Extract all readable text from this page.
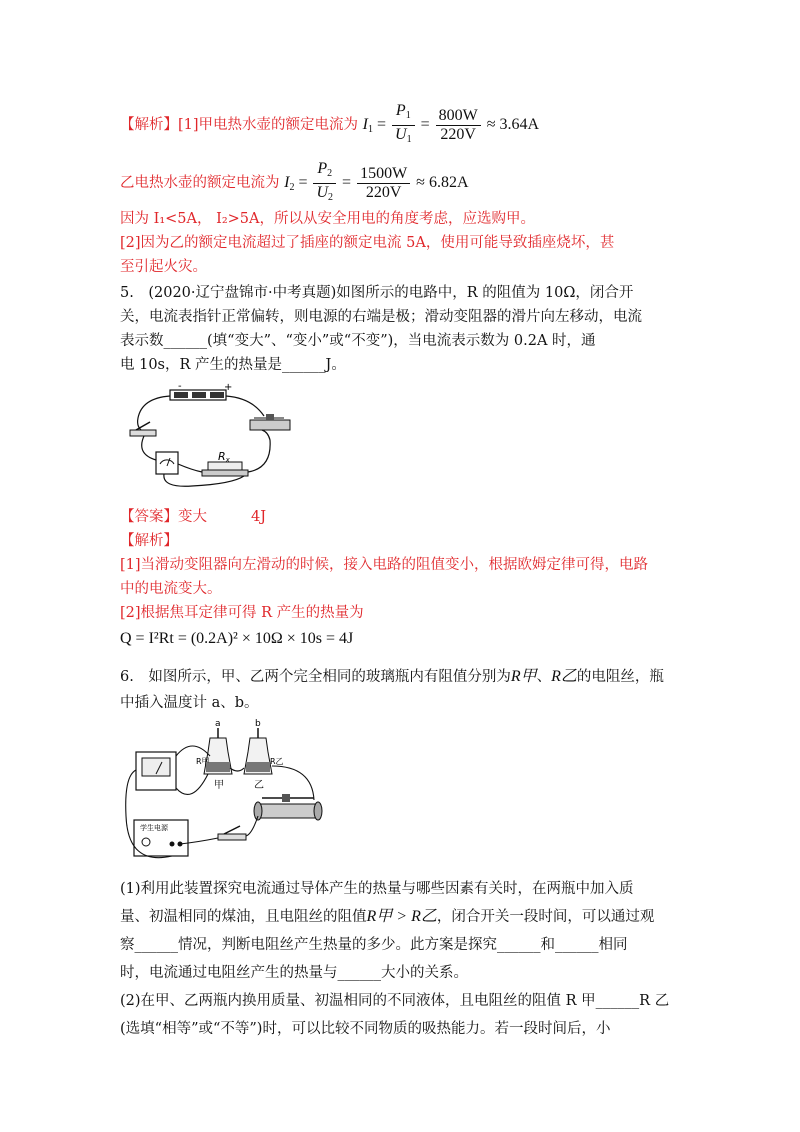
【解析】[1]甲电热水壶的额定电流为 $I_1 = \frac{P_1}{U_1} = \frac{800W}{220V} \approx 3.64A$
乙电热水壶的额定电流为 $I_2 = \frac{P_2}{U_2} = \frac{1500W}{220V} \approx 6.82A$
因为 I₁<5A， I₂>5A，所以从安全用电的角度考虑，应选购甲。
[2]因为乙的额定电流超过了插座的额定电流 5A，使用可能导致插座烧坏，甚
至引起火灾。
5.　(2020·辽宁盘锦市·中考真题)如图所示的电路中，R 的阻值为 10Ω，闭合开
关，电流表指针正常偏转，则电源的右端是极；滑动变阻器的滑片向左移动，电流
表示数______(填“变大”、“变小”或“不变”)，当电流表示数为 0.2A 时，通
电 10s，R 产生的热量是______J。
-	+
Rx
【答案】变大	4J
【解析】
[1]当滑动变阻器向左滑动的时候，接入电路的阻值变小，根据欧姆定律可得，电路
中的电流变大。
[2]根据焦耳定律可得 R 产生的热量为
Q = I²Rt = (0.2A)² × 10Ω × 10s = 4J
6.　如图所示，甲、乙两个完全相同的玻璃瓶内有阻值分别为R甲、R乙的电阻丝，瓶
中插入温度计 a、b。
a	b
R甲	R乙
甲	乙
学生电源
(1)利用此装置探究电流通过导体产生的热量与哪些因素有关时，在两瓶中加入质
量、初温相同的煤油，且电阻丝的阻值R甲 > R乙，闭合开关一段时间，可以通过观
察______情况，判断电阻丝产生热量的多少。此方案是探究______和______相同
时，电流通过电阻丝产生的热量与______大小的关系。
(2)在甲、乙两瓶内换用质量、初温相同的不同液体，且电阻丝的阻值 R 甲______R 乙
(选填“相等”或“不等”)时，可以比较不同物质的吸热能力。若一段时间后，小
